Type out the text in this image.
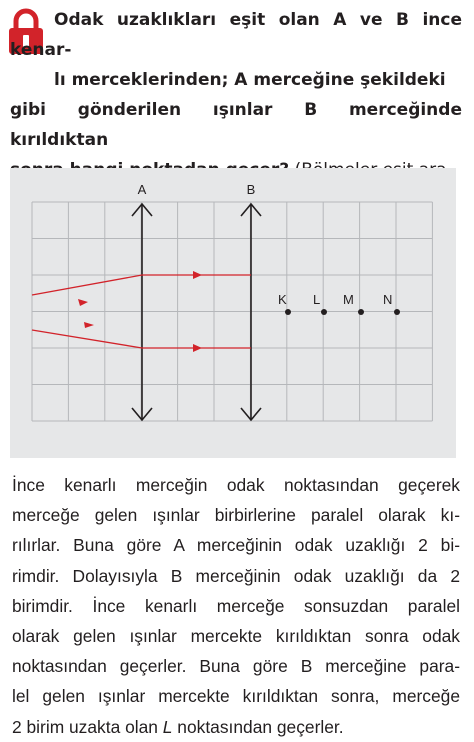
Odak uzaklıkları eşit olan A ve B ince kenar-
lı merceklerinden; A merceğine şekildeki
gibi gönderilen ışınlar B merceğinde kırıldıktan

A	B
K L M N
İnce kenarlı merceğin odak noktasından geçerek
merceğe gelen ışınlar birbirlerine paralel olarak kı-
rılırlar. Buna göre A merceğinin odak uzaklığı 2 bi-
rimdir. Dolayısıyla B merceğinin odak uzaklığı da 2
birimdir. İnce kenarlı merceğe sonsuzdan paralel
olarak gelen ışınlar mercekte kırıldıktan sonra odak
noktasından geçerler. Buna göre B merceğine para-
lel gelen ışınlar mercekte kırıldıktan sonra, merceğe
2 birim uzakta olan L noktasından geçerler.
